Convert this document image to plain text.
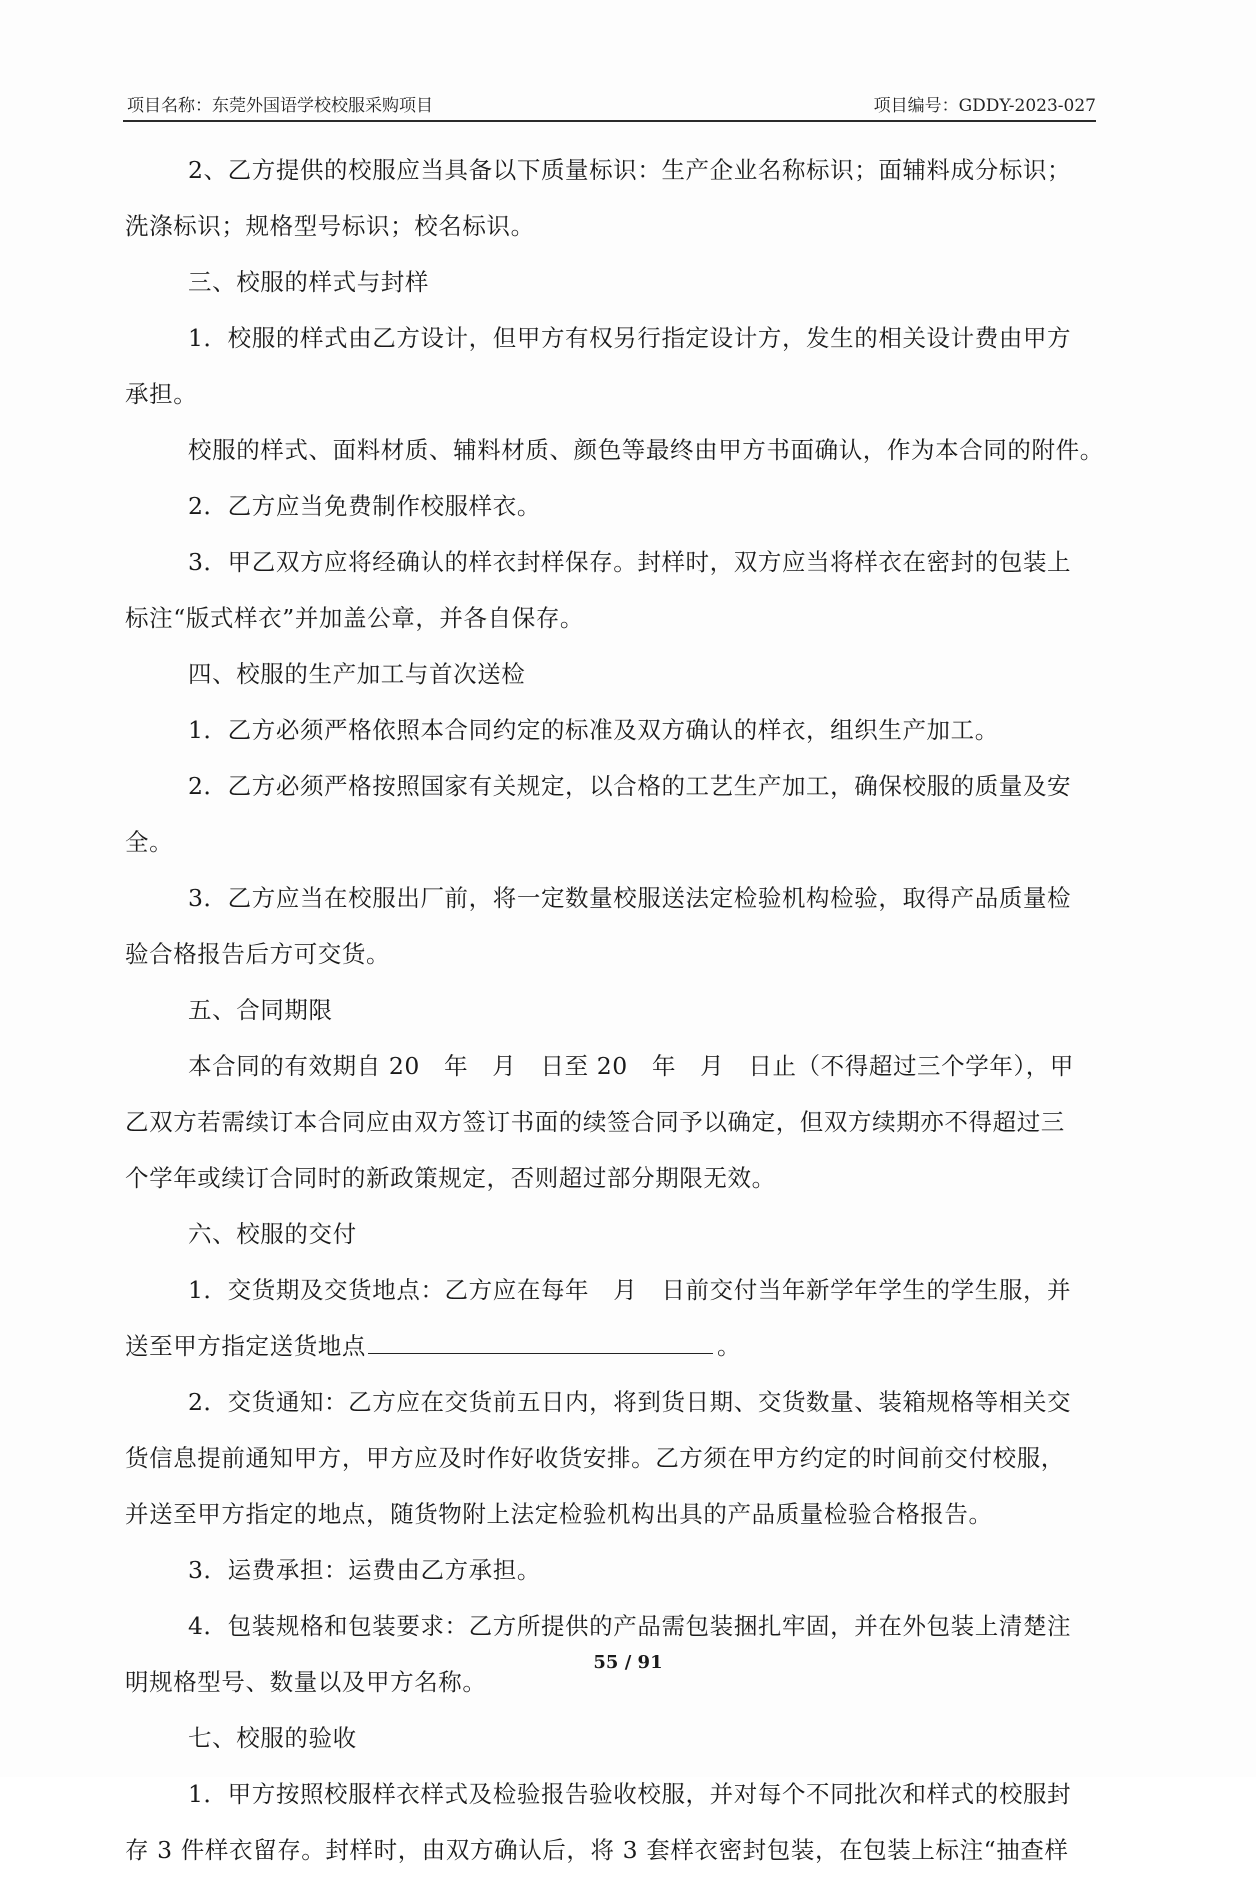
项目名称：东莞外国语学校校服采购项目	项目编号：GDDY-2023-027
2、乙方提供的校服应当具备以下质量标识：生产企业名称标识；面辅料成分标识；
洗涤标识；规格型号标识；校名标识。
三、校服的样式与封样
1．校服的样式由乙方设计，但甲方有权另行指定设计方，发生的相关设计费由甲方
承担。
校服的样式、面料材质、辅料材质、颜色等最终由甲方书面确认，作为本合同的附件。
2．乙方应当免费制作校服样衣。
3．甲乙双方应将经确认的样衣封样保存。封样时，双方应当将样衣在密封的包装上
标注“版式样衣”并加盖公章，并各自保存。
四、校服的生产加工与首次送检
1．乙方必须严格依照本合同约定的标准及双方确认的样衣，组织生产加工。
2．乙方必须严格按照国家有关规定，以合格的工艺生产加工，确保校服的质量及安
全。
3．乙方应当在校服出厂前，将一定数量校服送法定检验机构检验，取得产品质量检
验合格报告后方可交货。
五、合同期限
本合同的有效期自 20　年　月　日至 20　年　月　日止（不得超过三个学年），甲
乙双方若需续订本合同应由双方签订书面的续签合同予以确定，但双方续期亦不得超过三
个学年或续订合同时的新政策规定，否则超过部分期限无效。
六、校服的交付
1．交货期及交货地点：乙方应在每年　月　日前交付当年新学年学生的学生服，并
送至甲方指定送货地点	。
2．交货通知：乙方应在交货前五日内，将到货日期、交货数量、装箱规格等相关交
货信息提前通知甲方，甲方应及时作好收货安排。乙方须在甲方约定的时间前交付校服，
并送至甲方指定的地点，随货物附上法定检验机构出具的产品质量检验合格报告。
3．运费承担：运费由乙方承担。
4．包装规格和包装要求：乙方所提供的产品需包装捆扎牢固，并在外包装上清楚注
明规格型号、数量以及甲方名称。
七、校服的验收
1．甲方按照校服样衣样式及检验报告验收校服，并对每个不同批次和样式的校服封
存 3 件样衣留存。封样时，由双方确认后，将 3 套样衣密封包装，在包装上标注“抽查样
55 / 91
